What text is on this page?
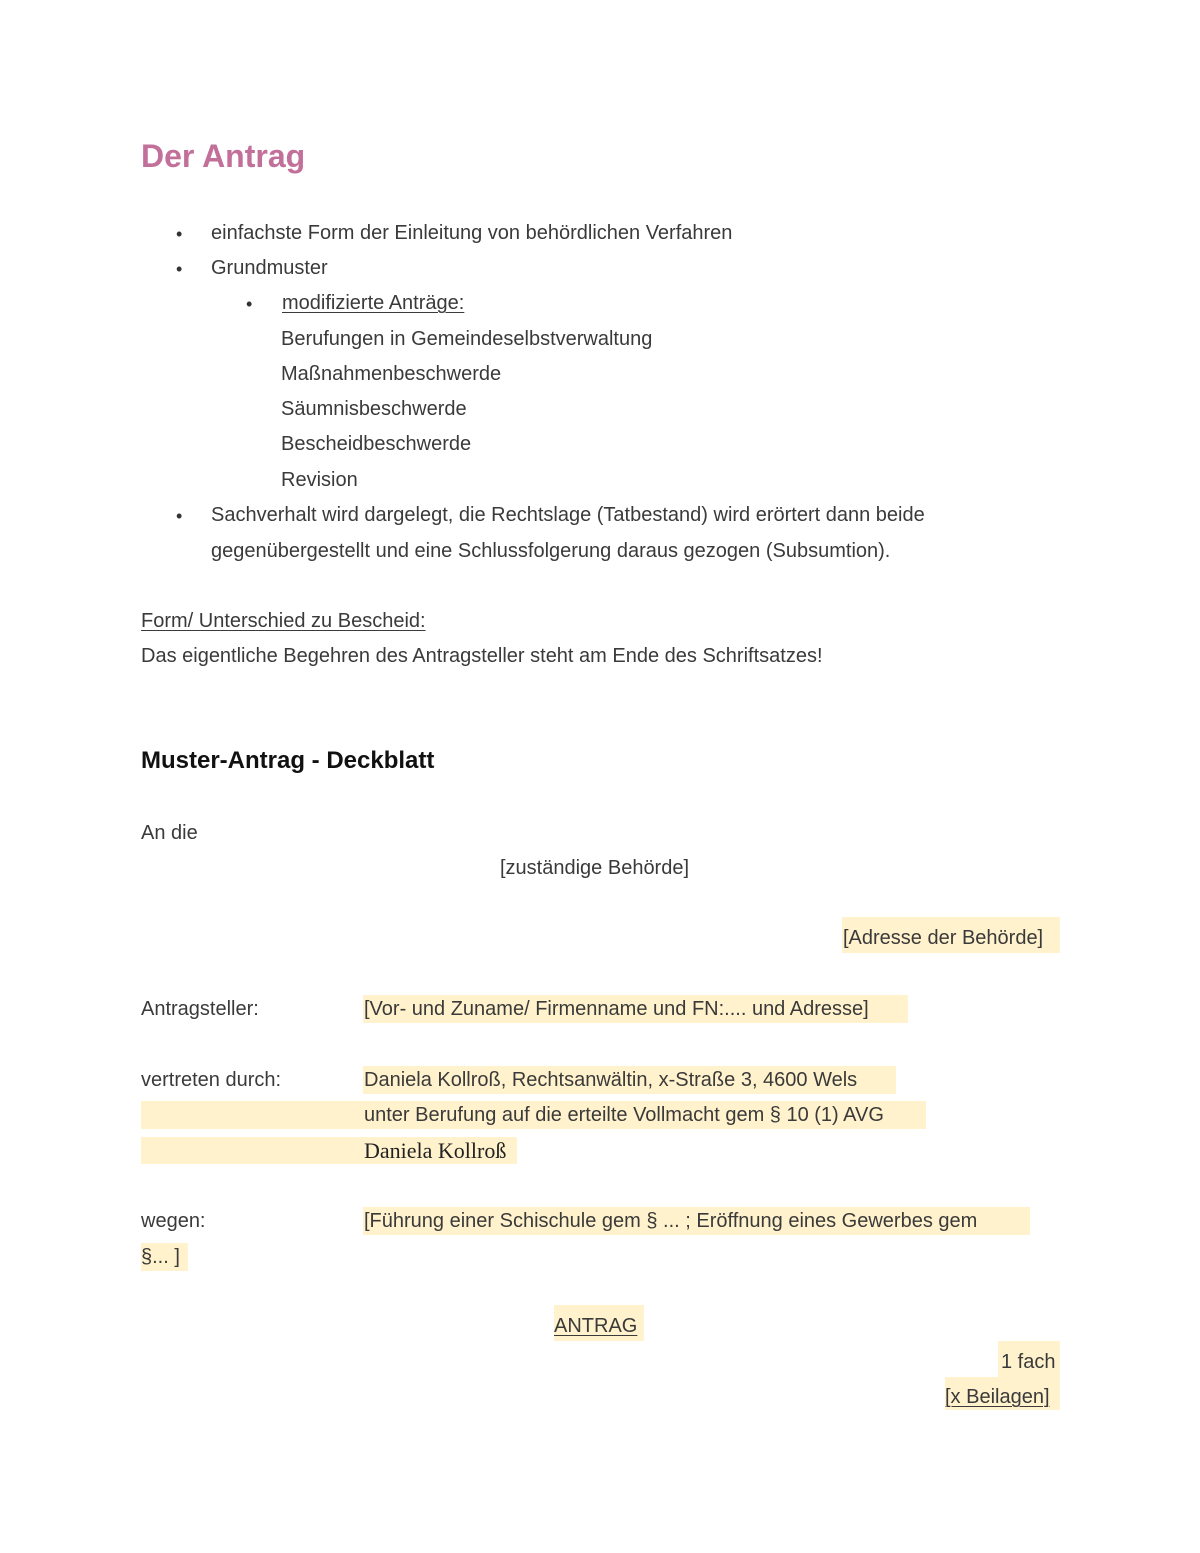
Der Antrag
• einfachste Form der Einleitung von behördlichen Verfahren
• Grundmuster
• modifizierte Anträge:
Berufungen in Gemeindeselbstverwaltung
Maßnahmenbeschwerde
Säumnisbeschwerde
Bescheidbeschwerde
Revision
• Sachverhalt wird dargelegt, die Rechtslage (Tatbestand) wird erörtert dann beide
gegenübergestellt und eine Schlussfolgerung daraus gezogen (Subsumtion).
Form/ Unterschied zu Bescheid:
Das eigentliche Begehren des Antragsteller steht am Ende des Schriftsatzes!
Muster-Antrag - Deckblatt
An die
[zuständige Behörde]
[Adresse der Behörde]
Antragsteller:	[Vor- und Zuname/ Firmenname und FN:.... und Adresse]
vertreten durch:	Daniela Kollroß, Rechtsanwältin, x-Straße 3, 4600 Wels
unter Berufung auf die erteilte Vollmacht gem § 10 (1) AVG
Daniela Kollroß
wegen:	[Führung einer Schischule gem § ... ; Eröffnung eines Gewerbes gem
§... ]
ANTRAG
1 fach
[x Beilagen]
